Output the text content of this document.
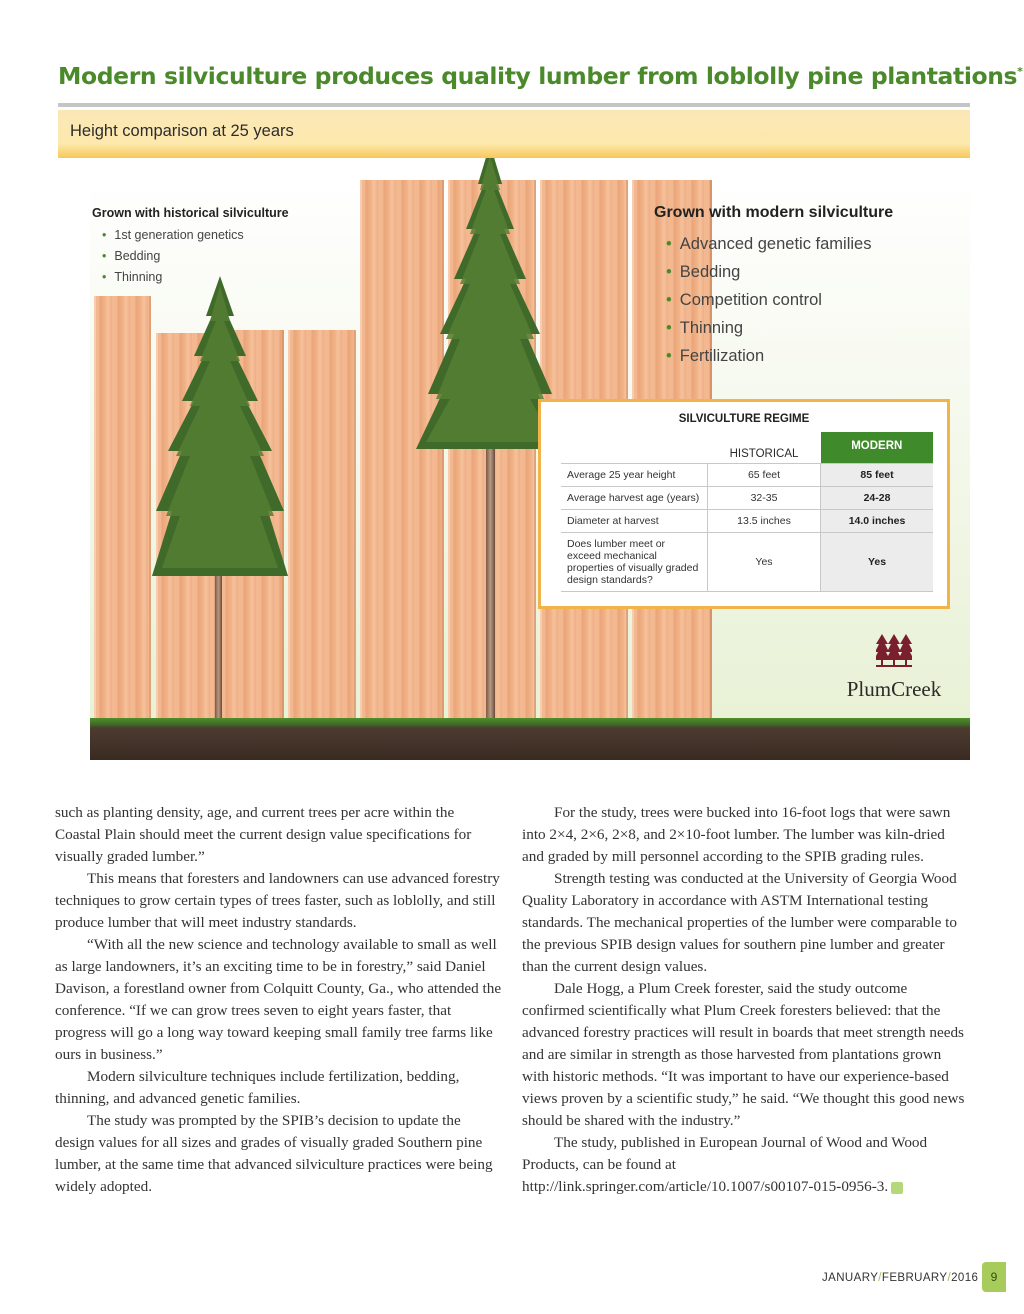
Modern silviculture produces quality lumber from loblolly pine plantations*
Height comparison at 25 years
Grown with historical silviculture
• 1st generation genetics
• Bedding
• Thinning
Grown with modern silviculture
• Advanced genetic families
• Bedding
• Competition control
• Thinning
• Fertilization
SILVICULTURE REGIME
	HISTORICAL	MODERN
Average 25 year height	65 feet	85 feet
Average harvest age (years)	32-35	24-28
Diameter at harvest	13.5 inches	14.0 inches
Does lumber meet or exceed mechanical properties of visually graded design standards?	Yes	Yes
PlumCreek

such as planting density, age, and current trees per acre within the Coastal Plain should meet the current design value specifications for visually graded lumber.”

This means that foresters and landowners can use advanced forestry techniques to grow certain types of trees faster, such as loblolly, and still produce lumber that will meet industry standards.

“With all the new science and technology available to small as well as large landowners, it’s an exciting time to be in forestry,” said Daniel Davison, a forestland owner from Colquitt County, Ga., who attended the conference. “If we can grow trees seven to eight years faster, that progress will go a long way toward keeping small family tree farms like ours in business.”

Modern silviculture techniques include fertilization, bedding, thinning, and advanced genetic families.

The study was prompted by the SPIB’s decision to update the design values for all sizes and grades of visually graded Southern pine lumber, at the same time that advanced silviculture practices were being widely adopted.

For the study, trees were bucked into 16-foot logs that were sawn into 2×4, 2×6, 2×8, and 2×10-foot lumber. The lumber was kiln-dried and graded by mill personnel according to the SPIB grading rules.

Strength testing was conducted at the University of Georgia Wood Quality Laboratory in accordance with ASTM International testing standards. The mechanical properties of the lumber were comparable to the previous SPIB design values for southern pine lumber and greater than the current design values.

Dale Hogg, a Plum Creek forester, said the study outcome confirmed scientifically what Plum Creek foresters believed: that the advanced forestry practices will result in boards that meet strength needs and are similar in strength as those harvested from plantations grown with historic methods. “It was important to have our experience-based views proven by a scientific study,” he said. “We thought this good news should be shared with the industry.”

The study, published in European Journal of Wood and Wood Products, can be found at http://link.springer.com/article/10.1007/s00107-015-0956-3.

JANUARY/FEBRUARY/2016	9
